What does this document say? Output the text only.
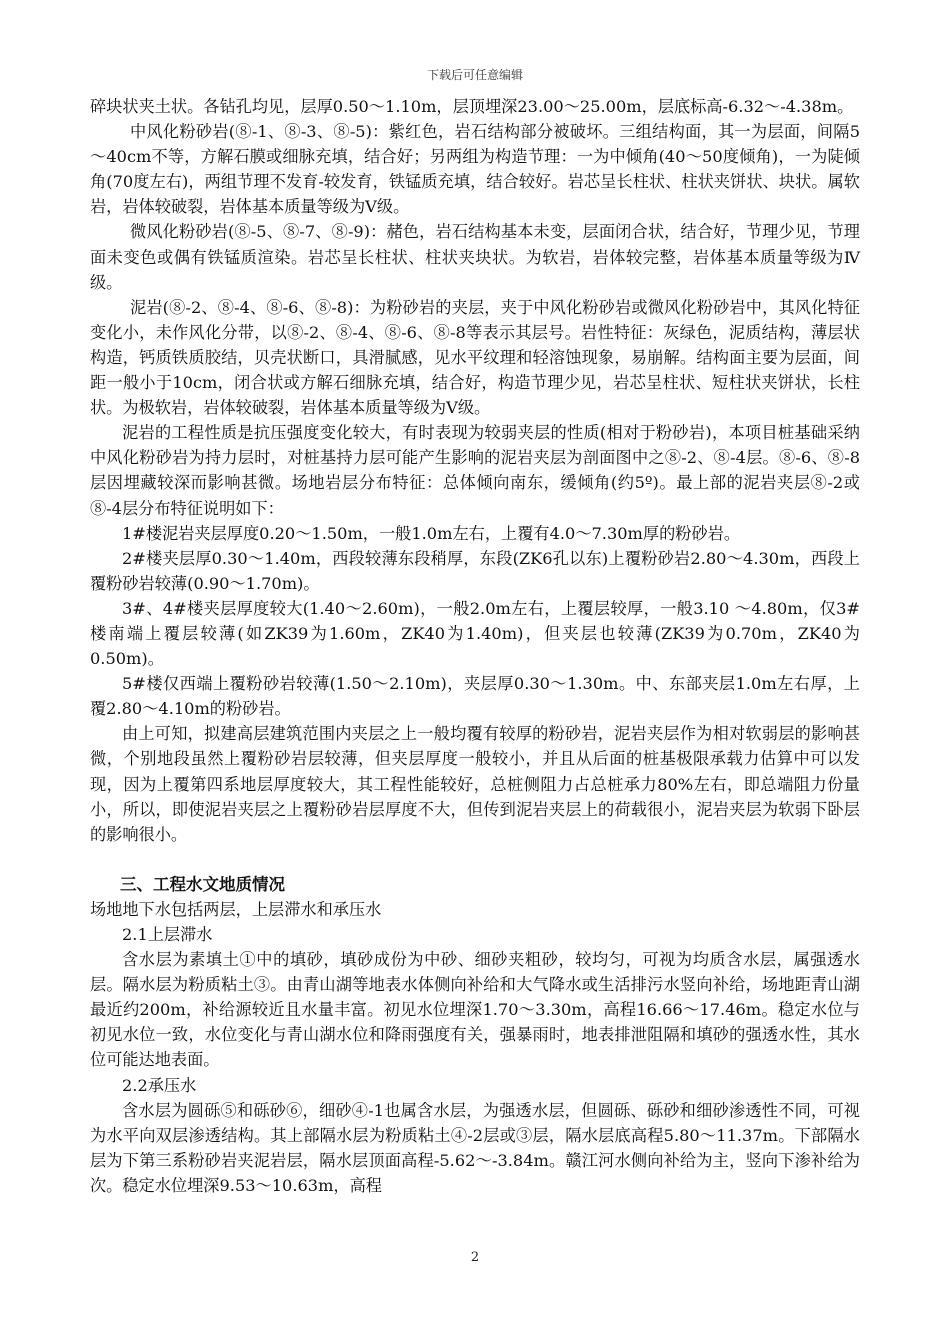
下载后可任意编辑

碎块状夹土状。各钻孔均见，层厚0.50～1.10m，层顶埋深23.00～25.00m，层底标高-6.32～-4.38m。

中风化粉砂岩(⑧-1、⑧-3、⑧-5)：紫红色，岩石结构部分被破坏。三组结构面，其一为层面，间隔5～40cm不等，方解石膜或细脉充填，结合好；另两组为构造节理：一为中倾角(40～50度倾角)，一为陡倾角(70度左右)，两组节理不发育-较发育，铁锰质充填，结合较好。岩芯呈长柱状、柱状夹饼状、块状。属软岩，岩体较破裂，岩体基本质量等级为Ⅴ级。

微风化粉砂岩(⑧-5、⑧-7、⑧-9)：赭色，岩石结构基本未变，层面闭合状，结合好，节理少见，节理面未变色或偶有铁锰质渲染。岩芯呈长柱状、柱状夹块状。为软岩，岩体较完整，岩体基本质量等级为Ⅳ级。

泥岩(⑧-2、⑧-4、⑧-6、⑧-8)：为粉砂岩的夹层，夹于中风化粉砂岩或微风化粉砂岩中，其风化特征变化小，未作风化分带，以⑧-2、⑧-4、⑧-6、⑧-8等表示其层号。岩性特征：灰绿色，泥质结构，薄层状构造，钙质铁质胶结，贝壳状断口，具滑腻感，见水平纹理和轻溶蚀现象，易崩解。结构面主要为层面，间距一般小于10cm，闭合状或方解石细脉充填，结合好，构造节理少见，岩芯呈柱状、短柱状夹饼状，长柱状。为极软岩，岩体较破裂，岩体基本质量等级为Ⅴ级。

泥岩的工程性质是抗压强度变化较大，有时表现为较弱夹层的性质(相对于粉砂岩)，本项目桩基础采纳中风化粉砂岩为持力层时，对桩基持力层可能产生影响的泥岩夹层为剖面图中之⑧-2、⑧-4层。⑧-6、⑧-8层因埋藏较深而影响甚微。场地岩层分布特征：总体倾向南东，缓倾角(约5º)。最上部的泥岩夹层⑧-2或⑧-4层分布特征说明如下：

1#楼泥岩夹层厚度0.20～1.50m，一般1.0m左右，上覆有4.0～7.30m厚的粉砂岩。

2#楼夹层厚0.30～1.40m，西段较薄东段稍厚，东段(ZK6孔以东)上覆粉砂岩2.80～4.30m，西段上覆粉砂岩较薄(0.90～1.70m)。

3#、4#楼夹层厚度较大(1.40～2.60m)，一般2.0m左右，上覆层较厚，一般3.10 ～4.80m，仅3#楼南端上覆层较薄(如ZK39为1.60m，ZK40为1.40m)，但夹层也较薄(ZK39为0.70m，ZK40为0.50m)。

5#楼仅西端上覆粉砂岩较薄(1.50～2.10m)，夹层厚0.30～1.30m。中、东部夹层1.0m左右厚，上覆2.80～4.10m的粉砂岩。

由上可知，拟建高层建筑范围内夹层之上一般均覆有较厚的粉砂岩，泥岩夹层作为相对软弱层的影响甚微，个别地段虽然上覆粉砂岩层较薄，但夹层厚度一般较小，并且从后面的桩基极限承载力估算中可以发现，因为上覆第四系地层厚度较大，其工程性能较好，总桩侧阻力占总桩承力80%左右，即总端阻力份量小，所以，即使泥岩夹层之上覆粉砂岩层厚度不大，但传到泥岩夹层上的荷载很小，泥岩夹层为软弱下卧层的影响很小。

三、工程水文地质情况

场地地下水包括两层，上层滞水和承压水

2.1上层滞水

含水层为素填土①中的填砂，填砂成份为中砂、细砂夹粗砂，较均匀，可视为均质含水层，属强透水层。隔水层为粉质粘土③。由青山湖等地表水体侧向补给和大气降水或生活排污水竖向补给，场地距青山湖最近约200m，补给源较近且水量丰富。初见水位埋深1.70～3.30m，高程16.66～17.46m。稳定水位与初见水位一致，水位变化与青山湖水位和降雨强度有关，强暴雨时，地表排泄阻隔和填砂的强透水性，其水位可能达地表面。

2.2承压水

含水层为圆砾⑤和砾砂⑥，细砂④-1也属含水层，为强透水层，但圆砾、砾砂和细砂渗透性不同，可视为水平向双层渗透结构。其上部隔水层为粉质粘土④-2层或③层，隔水层底高程5.80～11.37m。下部隔水层为下第三系粉砂岩夹泥岩层，隔水层顶面高程-5.62～-3.84m。赣江河水侧向补给为主，竖向下渗补给为次。稳定水位埋深9.53～10.63m，高程

2
